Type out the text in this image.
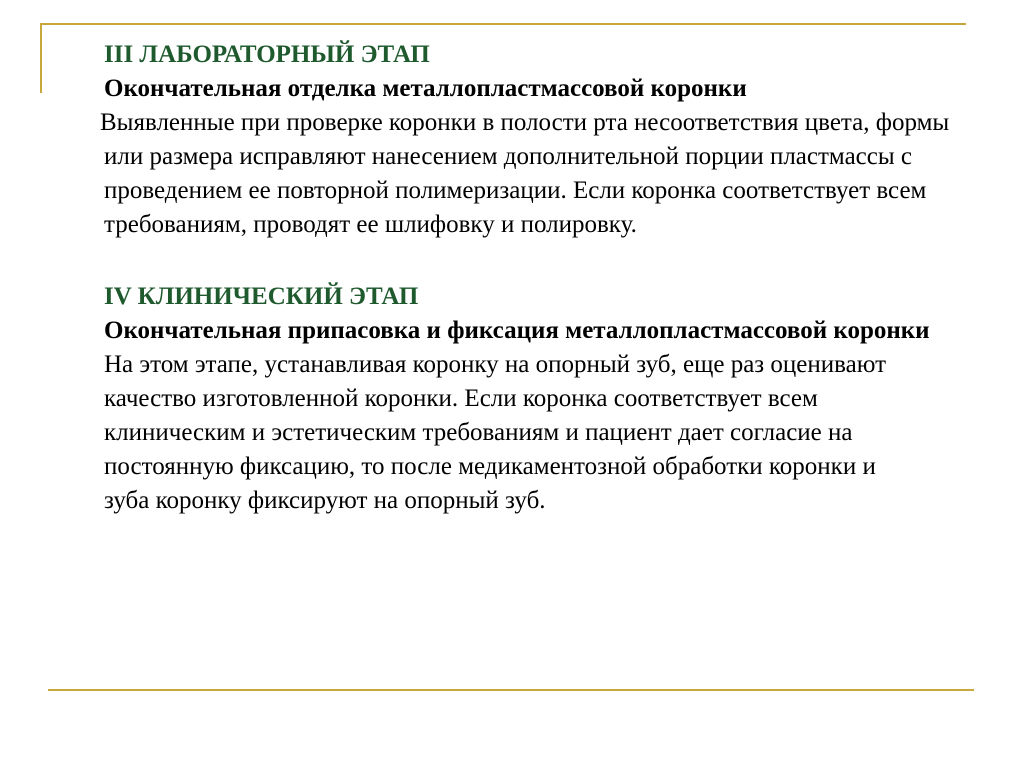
III ЛАБОРАТОРНЫЙ ЭТАП

Окончательная отделка металлопластмассовой коронки

Выявленные при проверке коронки в полости рта несоответствия цвета, формы или размера исправляют нанесением дополнительной порции пластмассы с проведением ее повторной полимеризации. Если коронка соответствует всем требованиям, проводят ее шлифовку и полировку.

IV КЛИНИЧЕСКИЙ ЭТАП

Окончательная припасовка и фиксация металлопластмассовой коронки

На этом этапе, устанавливая коронку на опорный зуб, еще раз оценивают качество изготовленной коронки. Если коронка соответствует всем клиническим и эстетическим требованиям и пациент дает согласие на постоянную фиксацию, то после медикаментозной обработки коронки и зуба коронку фиксируют на опорный зуб.
